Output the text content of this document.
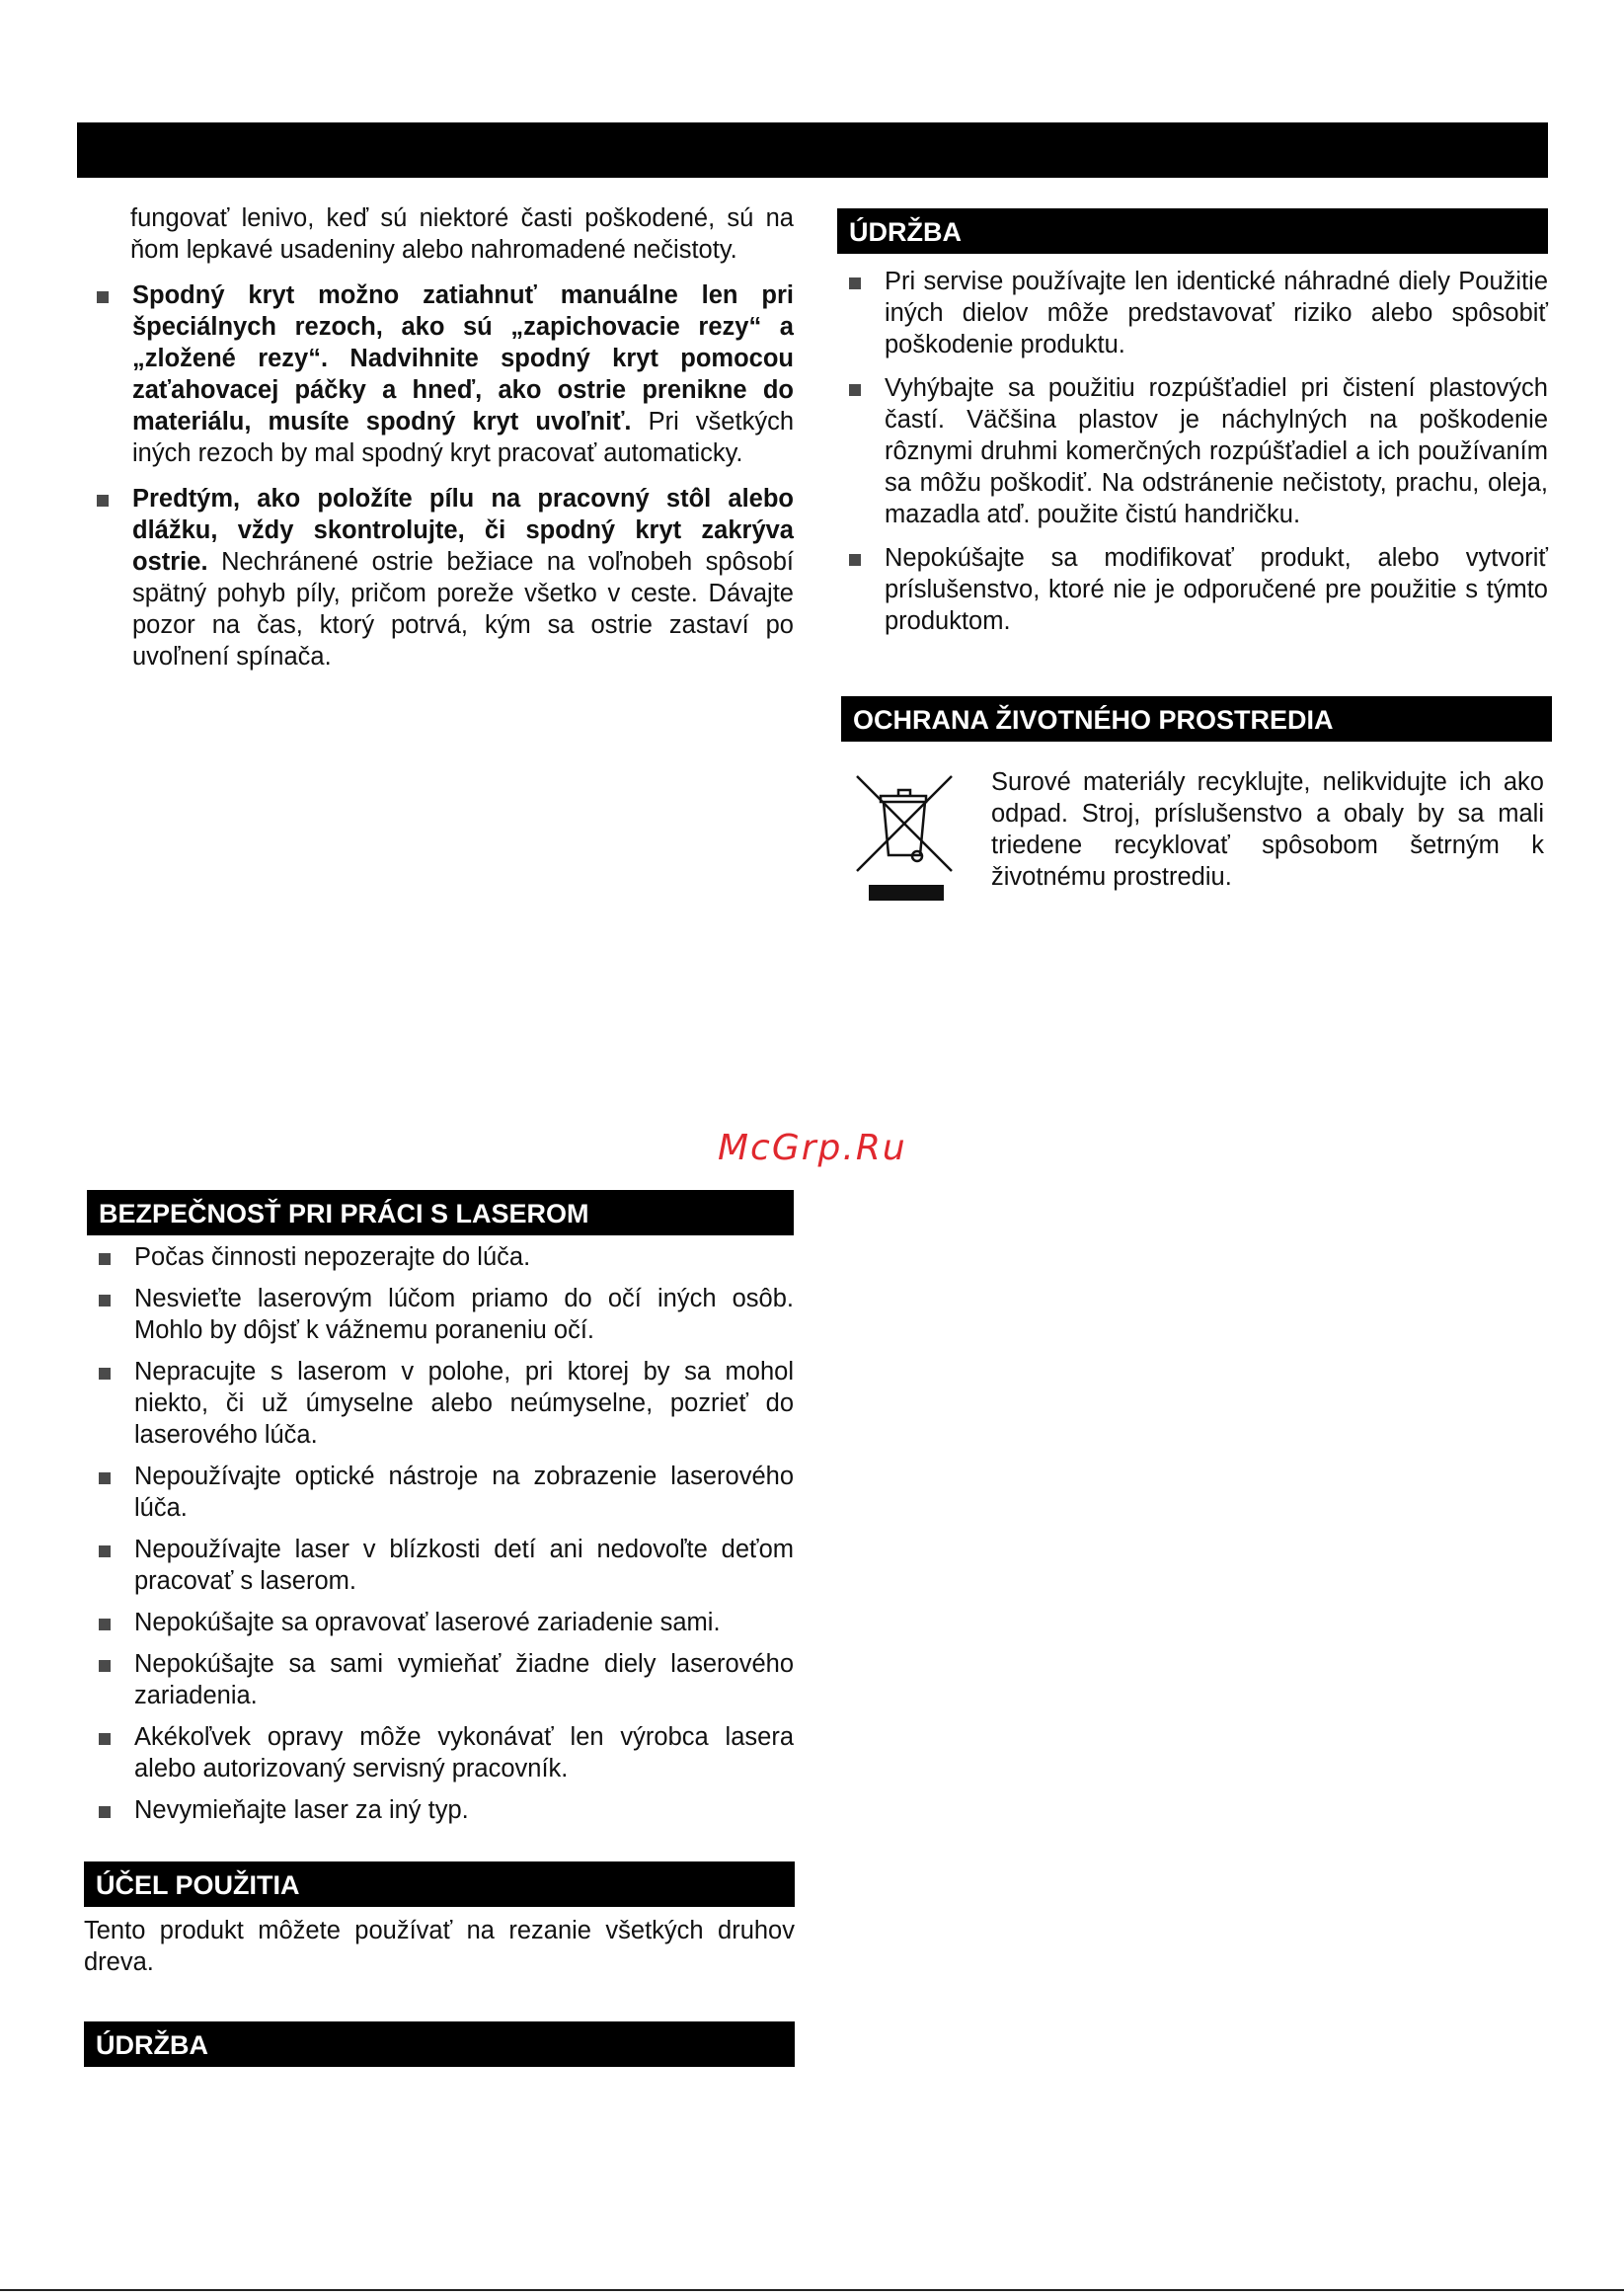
fungovať lenivo, keď sú niektoré časti poškodené, sú na ňom lepkavé usadeniny alebo nahromadené nečistoty.

Spodný kryt možno zatiahnuť manuálne len pri špeciálnych rezoch, ako sú „zapichovacie rezy“ a „zložené rezy“. Nadvihnite spodný kryt pomocou zaťahovacej páčky a hneď, ako ostrie prenikne do materiálu, musíte spodný kryt uvoľniť. Pri všetkých iných rezoch by mal spodný kryt pracovať automaticky.
Predtým, ako položíte pílu na pracovný stôl alebo dlážku, vždy skontrolujte, či spodný kryt zakrýva ostrie. Nechránené ostrie bežiace na voľnobeh spôsobí spätný pohyb píly, pričom poreže všetko v ceste. Dávajte pozor na čas, ktorý potrvá, kým sa ostrie zastaví po uvoľnení spínača.
ÚDRŽBA
Pri servise používajte len identické náhradné diely Použitie iných dielov môže predstavovať riziko alebo spôsobiť poškodenie produktu.
Vyhýbajte sa použitiu rozpúšťadiel pri čistení plastových častí. Väčšina plastov je náchylných na poškodenie rôznymi druhmi komerčných rozpúšťadiel a ich používaním sa môžu poškodiť. Na odstránenie nečistoty, prachu, oleja, mazadla atď. použite čistú handričku.
Nepokúšajte sa modifikovať produkt, alebo vytvoriť príslušenstvo, ktoré nie je odporučené pre použitie s týmto produktom.
OCHRANA ŽIVOTNÉHO PROSTREDIA
Surové materiály recyklujte, nelikvidujte ich ako odpad. Stroj, príslušenstvo a obaly by sa mali triedene recyklovať spôsobom šetrným k životnému prostrediu.
McGrp.Ru
BEZPEČNOSŤ PRI PRÁCI S LASEROM
Počas činnosti nepozerajte do lúča.
Nesvieťte laserovým lúčom priamo do očí iných osôb. Mohlo by dôjsť k vážnemu poraneniu očí.
Nepracujte s laserom v polohe, pri ktorej by sa mohol niekto, či už úmyselne alebo neúmyselne, pozrieť do laserového lúča.
Nepoužívajte optické nástroje na zobrazenie laserového lúča.
Nepoužívajte laser v blízkosti detí ani nedovoľte deťom pracovať s laserom.
Nepokúšajte sa opravovať laserové zariadenie sami.
Nepokúšajte sa sami vymieňať žiadne diely laserového zariadenia.
Akékoľvek opravy môže vykonávať len výrobca lasera alebo autorizovaný servisný pracovník.
Nevymieňajte laser za iný typ.
ÚČEL POUŽITIA

Tento produkt môžete používať na rezanie všetkých druhov dreva.

ÚDRŽBA
